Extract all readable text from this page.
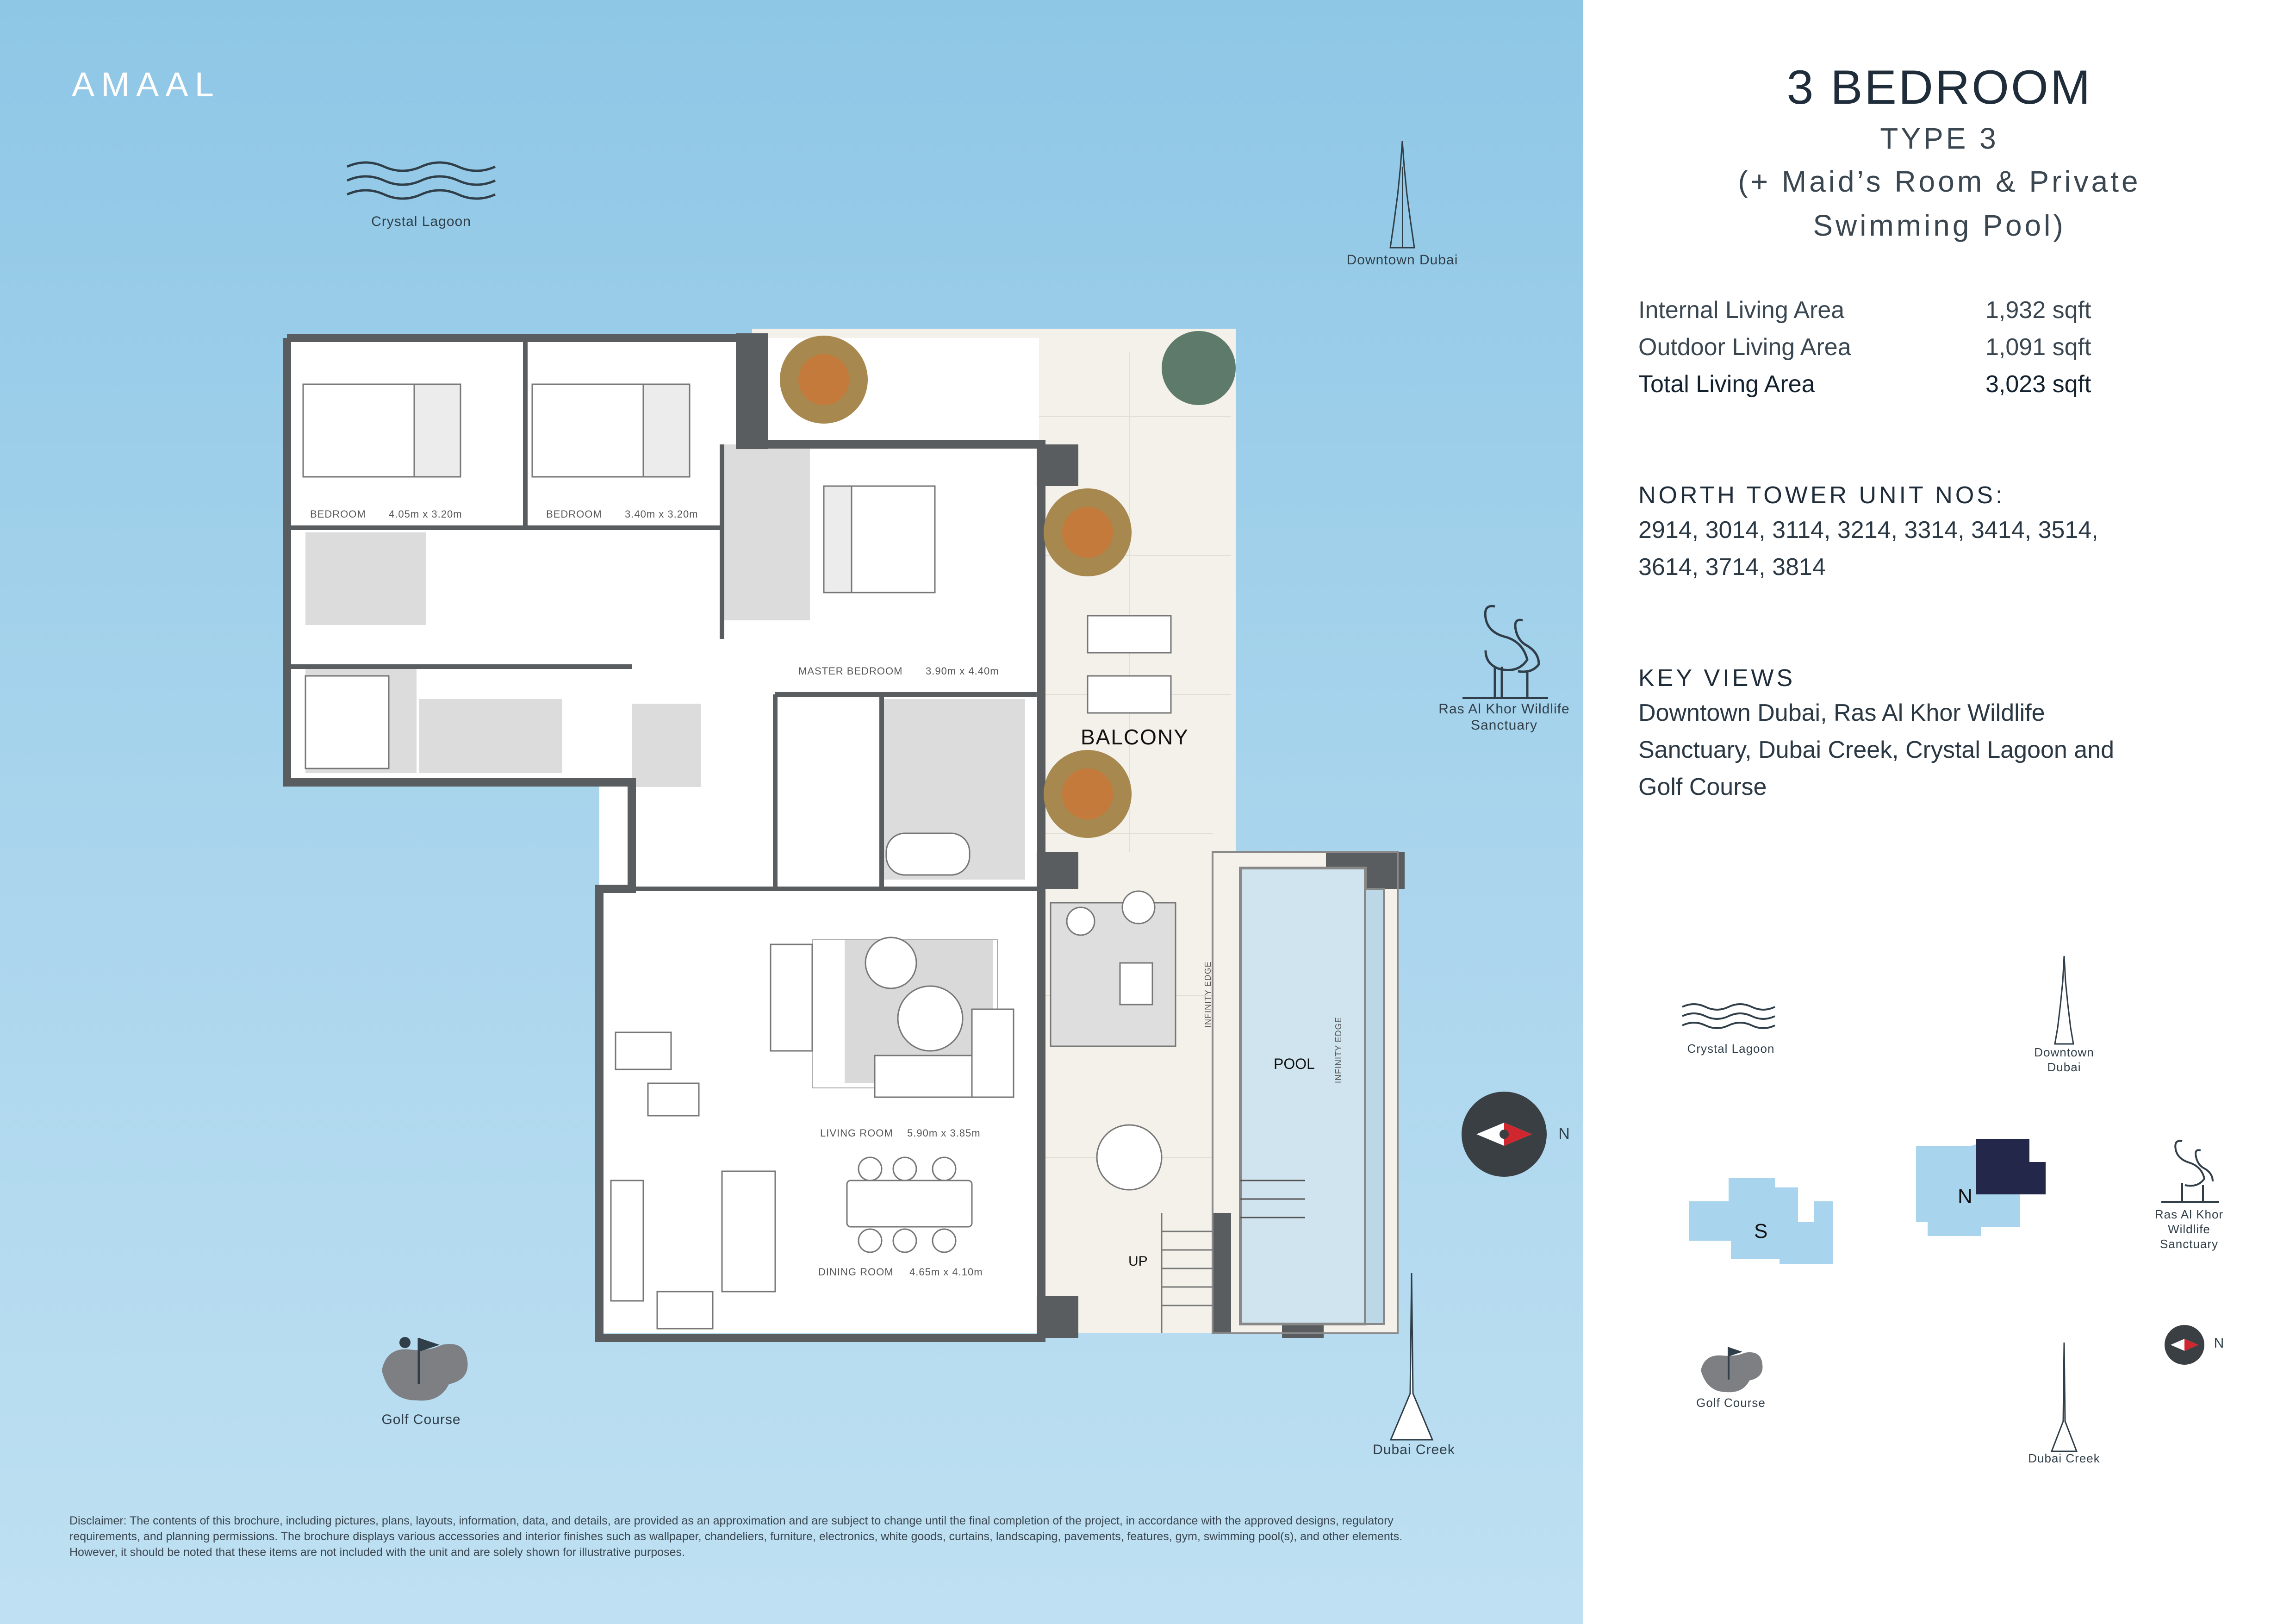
AMAAL
Crystal Lagoon
Downtown Dubai
Ras Al Khor Wildlife
Sanctuary
N
Golf Course
Dubai Creek
BEDROOM 4.05m x 3.20m	BEDROOM 3.40m x 3.20m
MASTER BEDROOM 3.90m x 4.40m
LIVING ROOM 5.90m x 3.85m
DINING ROOM 4.65m x 4.10m
BALCONY
POOL
UP
INFINITY EDGE
INFINITY EDGE
Disclaimer: The contents of this brochure, including pictures, plans, layouts, information, data, and details, are provided as an approximation and are subject to change until the final completion of the project, in accordance with the approved designs, regulatory
requirements, and planning permissions. The brochure displays various accessories and interior finishes such as wallpaper, chandeliers, furniture, electronics, white goods, curtains, landscaping, pavements, features, gym, swimming pool(s), and other elements.
However, it should be noted that these items are not included with the unit and are solely shown for illustrative purposes.
3 BEDROOM
TYPE 3
(+ Maid’s Room & Private
Swimming Pool)
Internal Living Area	1,932 sqft
Outdoor Living Area	1,091 sqft
Total Living Area	3,023 sqft
NORTH TOWER UNIT NOS:
2914, 3014, 3114, 3214, 3314, 3414, 3514,
3614, 3714, 3814
KEY VIEWS
Downtown Dubai, Ras Al Khor Wildlife
Sanctuary, Dubai Creek, Crystal Lagoon and
Golf Course
Crystal Lagoon	Downtown
Dubai
S
N
Ras Al Khor
Wildlife
Sanctuary
N
Golf Course
Dubai Creek
